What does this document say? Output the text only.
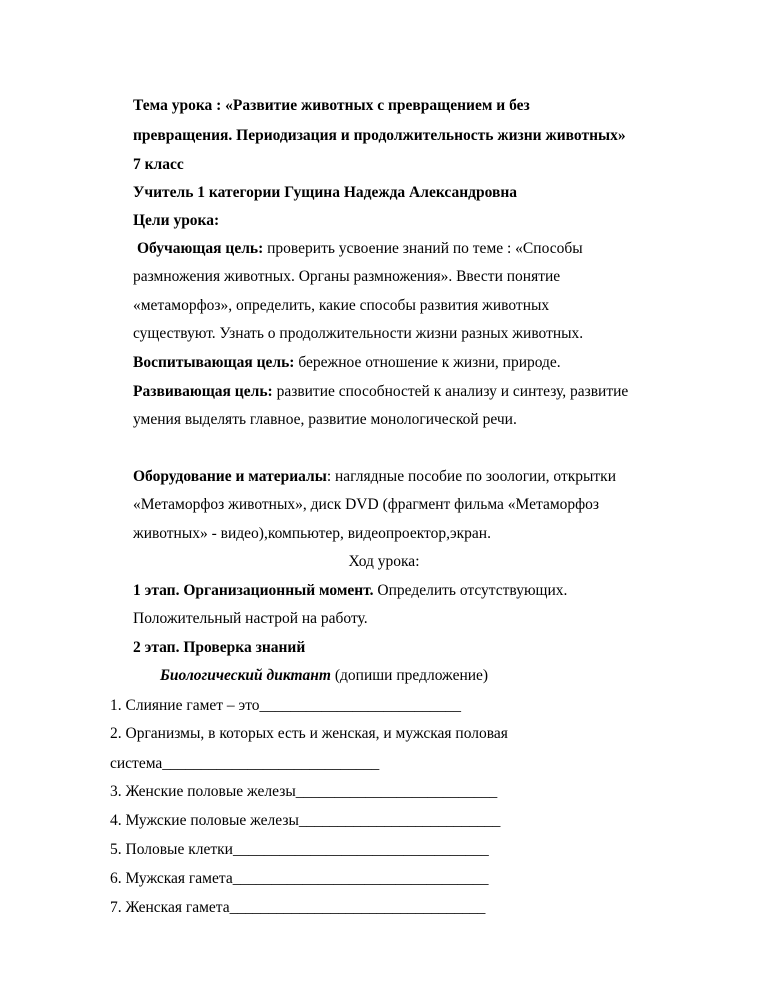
Тема урока : «Развитие животных с превращением и без
превращения. Периодизация и продолжительность жизни животных»
7 класс
Учитель 1 категории Гущина Надежда Александровна
Цели урока:
Обучающая цель: проверить усвоение знаний по теме : «Способы
размножения животных. Органы размножения». Ввести понятие
«метаморфоз», определить, какие способы развития животных
существуют. Узнать о продолжительности жизни разных животных.
Воспитывающая цель: бережное отношение к жизни, природе.
Развивающая цель: развитие способностей к анализу и синтезу, развитие
умения выделять главное, развитие монологической речи.
Оборудование и материалы: наглядные пособие по зоологии, открытки
«Метаморфоз животных», диск DVD (фрагмент фильма «Метаморфоз
животных» - видео),компьютер, видеопроектор,экран.
Ход урока:
1 этап. Организационный момент. Определить отсутствующих.
Положительный настрой на работу.
2 этап. Проверка знаний
Биологический диктант (допиши предложение)
1. Слияние гамет – это__________________________
2. Организмы, в которых есть и женская, и мужская половая
система____________________________
3. Женские половые железы__________________________
4. Мужские половые железы__________________________
5. Половые клетки_________________________________
6. Мужская гамета_________________________________
7. Женская гамета_________________________________
